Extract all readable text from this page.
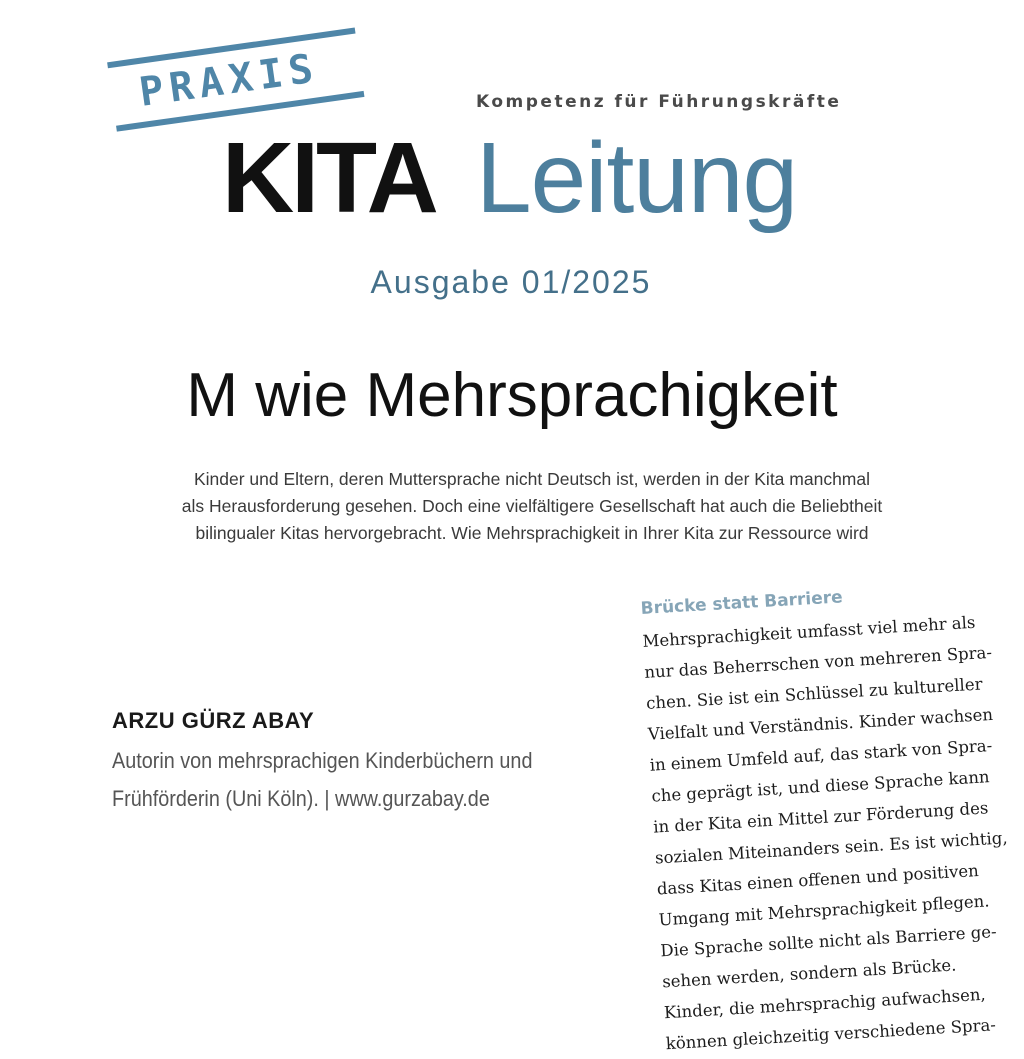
PRAXIS	Kompetenz für Führungskräfte
KITA Leitung
Ausgabe 01/2025
M wie Mehrsprachigkeit
Kinder und Eltern, deren Muttersprache nicht Deutsch ist, werden in der Kita manchmal
als Herausforderung gesehen. Doch eine vielfältigere Gesellschaft hat auch die Beliebtheit
bilingualer Kitas hervorgebracht. Wie Mehrsprachigkeit in Ihrer Kita zur Ressource wird
ARZU GÜRZ ABAY
Autorin von mehrsprachigen Kinderbüchern und
Frühförderin (Uni Köln). | www.gurzabay.de
Brücke statt Barriere
Mehrsprachigkeit umfasst viel mehr als
nur das Beherrschen von mehreren Spra-
chen. Sie ist ein Schlüssel zu kultureller
Vielfalt und Verständnis. Kinder wachsen
in einem Umfeld auf, das stark von Spra-
che geprägt ist, und diese Sprache kann
in der Kita ein Mittel zur Förderung des
sozialen Miteinanders sein. Es ist wichtig,
dass Kitas einen offenen und positiven
Umgang mit Mehrsprachigkeit pflegen.
Die Sprache sollte nicht als Barriere ge-
sehen werden, sondern als Brücke.
Kinder, die mehrsprachig aufwachsen,
können gleichzeitig verschiedene Spra-
